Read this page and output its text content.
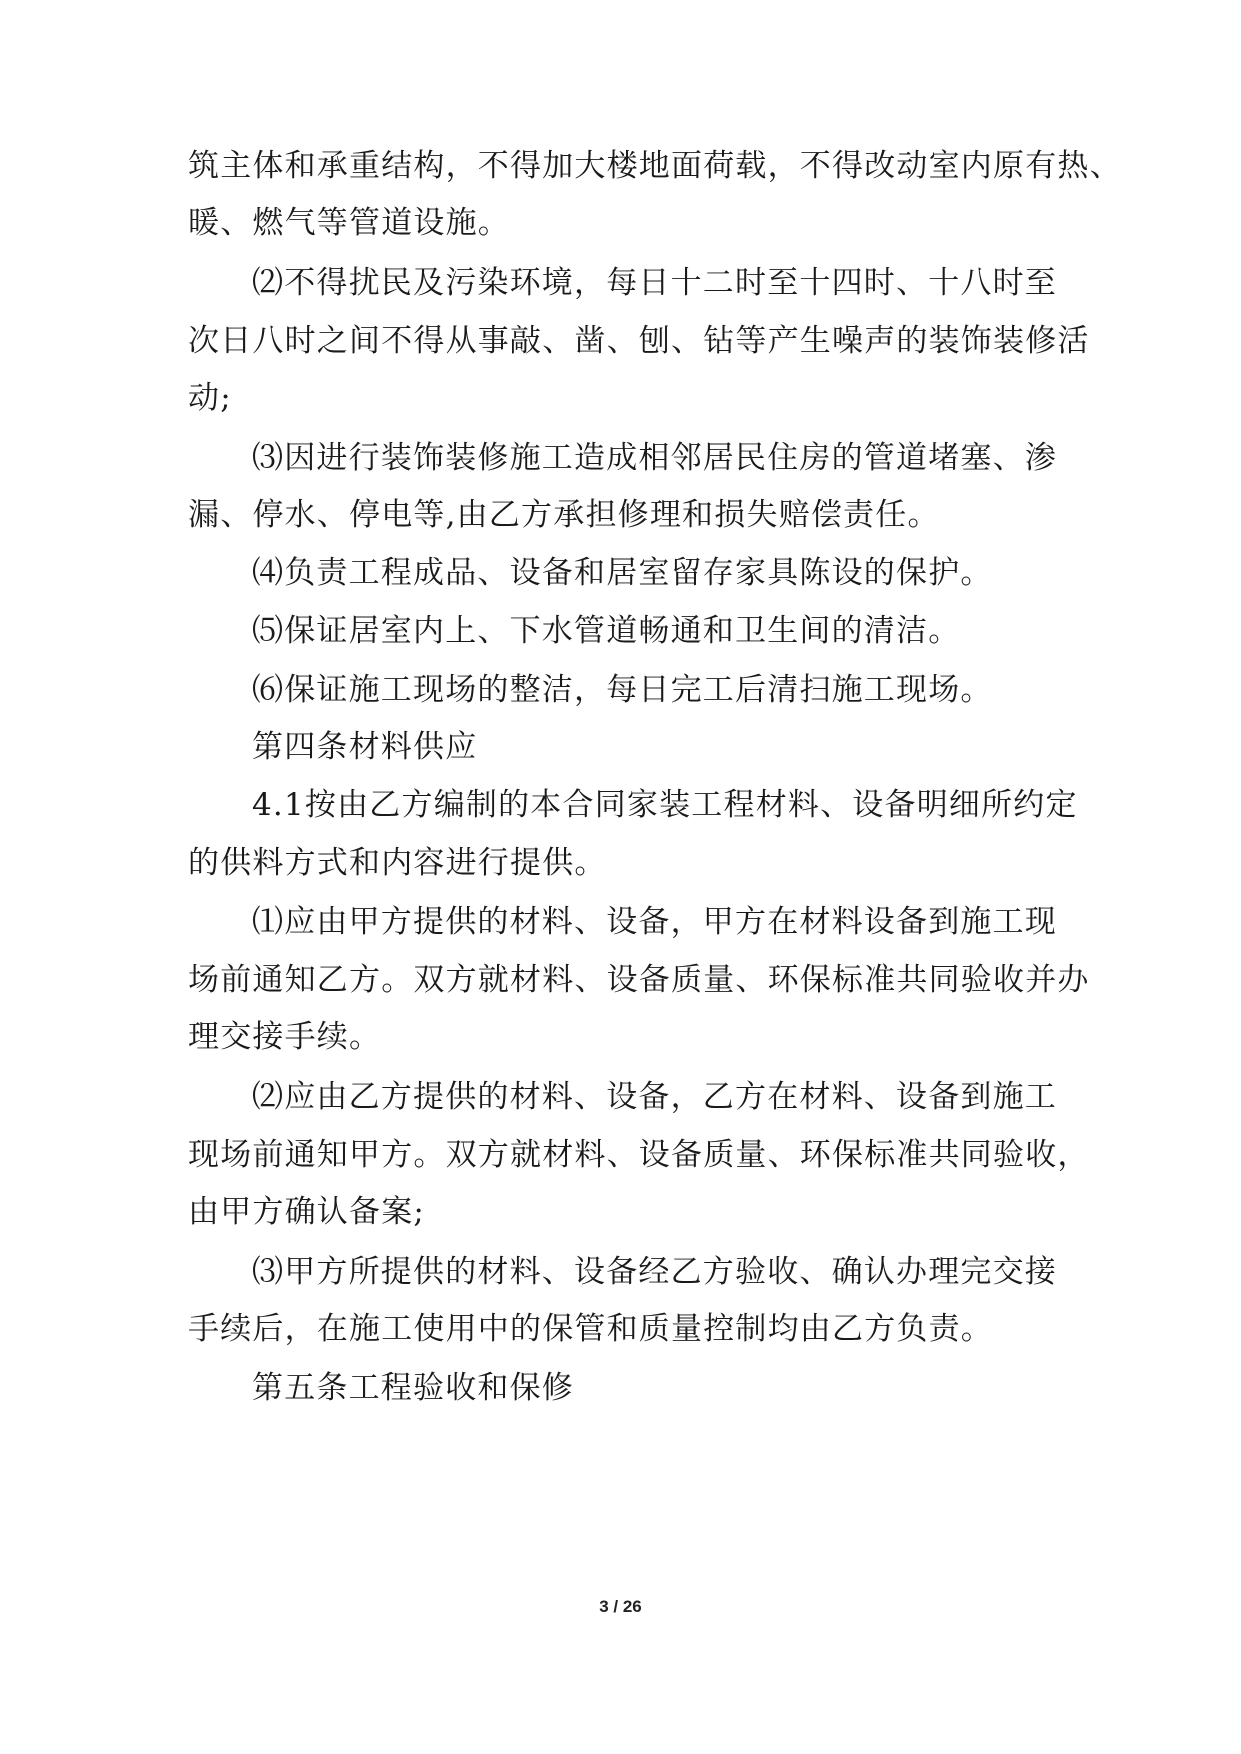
筑主体和承重结构，不得加大楼地面荷载，不得改动室内原有热、
暖、燃气等管道设施。
⑵不得扰民及污染环境，每日十二时至十四时、十八时至
次日八时之间不得从事敲、凿、刨、钻等产生噪声的装饰装修活
动;
⑶因进行装饰装修施工造成相邻居民住房的管道堵塞、渗
漏、停水、停电等,由乙方承担修理和损失赔偿责任。
⑷负责工程成品、设备和居室留存家具陈设的保护。
⑸保证居室内上、下水管道畅通和卫生间的清洁。
⑹保证施工现场的整洁，每日完工后清扫施工现场。
第四条材料供应
4.1按由乙方编制的本合同家装工程材料、设备明细所约定
的供料方式和内容进行提供。
⑴应由甲方提供的材料、设备，甲方在材料设备到施工现
场前通知乙方。双方就材料、设备质量、环保标准共同验收并办
理交接手续。
⑵应由乙方提供的材料、设备，乙方在材料、设备到施工
现场前通知甲方。双方就材料、设备质量、环保标准共同验收，
由甲方确认备案;
⑶甲方所提供的材料、设备经乙方验收、确认办理完交接
手续后，在施工使用中的保管和质量控制均由乙方负责。
第五条工程验收和保修
3 / 26
